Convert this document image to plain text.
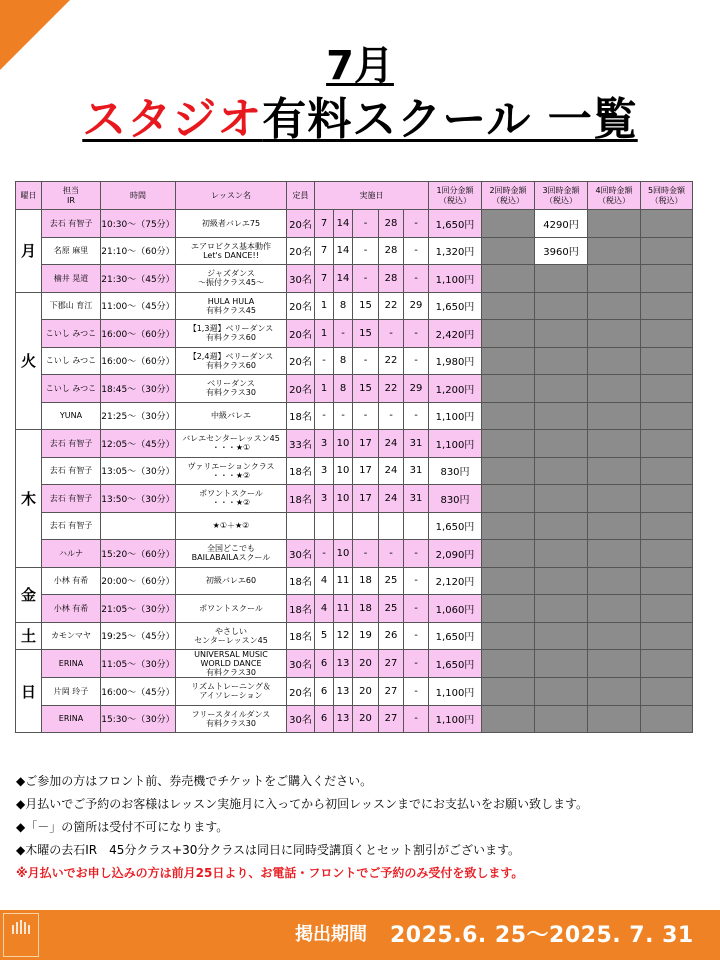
7月
スタジオ有料スクール 一覧
曜日	担当
IR	時間	レッスン名	定員	実施日					1回分金額
（税込）	2回時金額
（税込）	3回時金額
（税込）	4回時金額
（税込）	5回時金額
（税込）
月	去石 有智子	10:30～（75分）	初級者バレエ75	20名	7	14	-	28	-	1,650円		4290円		
	名原 麻里	21:10～（60分）	エアロビクス基本動作
Let's DANCE!!	20名	7	14	-	28	-	1,320円		3960円		
	楠井 晃道	21:30～（45分）	ジャズダンス
～振付クラス45～	30名	7	14	-	28	-	1,100円				
火	下郡山 育江	11:00～（45分）	HULA HULA
有料クラス45	20名	1	8	15	22	29	1,650円				
	こいし みつこ	16:00～（60分）	【1,3週】ベリーダンス
有料クラス60	20名	1	-	15	-	-	2,420円				
	こいし みつこ	16:00～（60分）	【2,4週】ベリーダンス
有料クラス60	20名	-	8	-	22	-	1,980円				
	こいし みつこ	18:45～（30分）	ベリーダンス
有料クラス30	20名	1	8	15	22	29	1,200円				
	YUNA	21:25～（30分）	中級バレエ	18名	-	-	-	-	-	1,100円				
木	去石 有智子	12:05～（45分）	バレエセンターレッスン45
・・・★①	33名	3	10	17	24	31	1,100円				
	去石 有智子	13:05～（30分）	ヴァリエーションクラス
・・・★②	18名	3	10	17	24	31	830円				
	去石 有智子	13:50～（30分）	ポワントスクール
・・・★②	18名	3	10	17	24	31	830円				
	去石 有智子		★①＋★②							1,650円				
	ハルナ	15:20～（60分）	全国どこでも
BAILABAILAスクール	30名	-	10	-	-	-	2,090円				
金	小林 有希	20:00～（60分）	初級バレエ60	18名	4	11	18	25	-	2,120円				
	小林 有希	21:05～（30分）	ポワントスクール	18名	4	11	18	25	-	1,060円				
土	カモンマヤ	19:25～（45分）	やさしい
センターレッスン45	18名	5	12	19	26	-	1,650円				
日	ERINA	11:05～（30分）	UNIVERSAL MUSIC
WORLD DANCE
有料クラス30	30名	6	13	20	27	-	1,650円				
	片岡 玲子	16:00～（45分）	リズムトレーニング＆
アイソレーション	20名	6	13	20	27	-	1,100円				
	ERINA	15:30～（30分）	フリースタイルダンス
有料クラス30	30名	6	13	20	27	-	1,100円				
◆ご参加の方はフロント前、券売機でチケットをご購入ください。
◆月払いでご予約のお客様はレッスン実施月に入ってから初回レッスンまでにお支払いをお願い致します。
◆「－」の箇所は受付不可になります。
◆木曜の去石IR　45分クラス+30分クラスは同日に同時受講頂くとセット割引がございます。
※月払いでお申し込みの方は前月25日より、お電話・フロントでご予約のみ受付を致します。
掲出期間 2025.6. 25～2025. 7. 31
